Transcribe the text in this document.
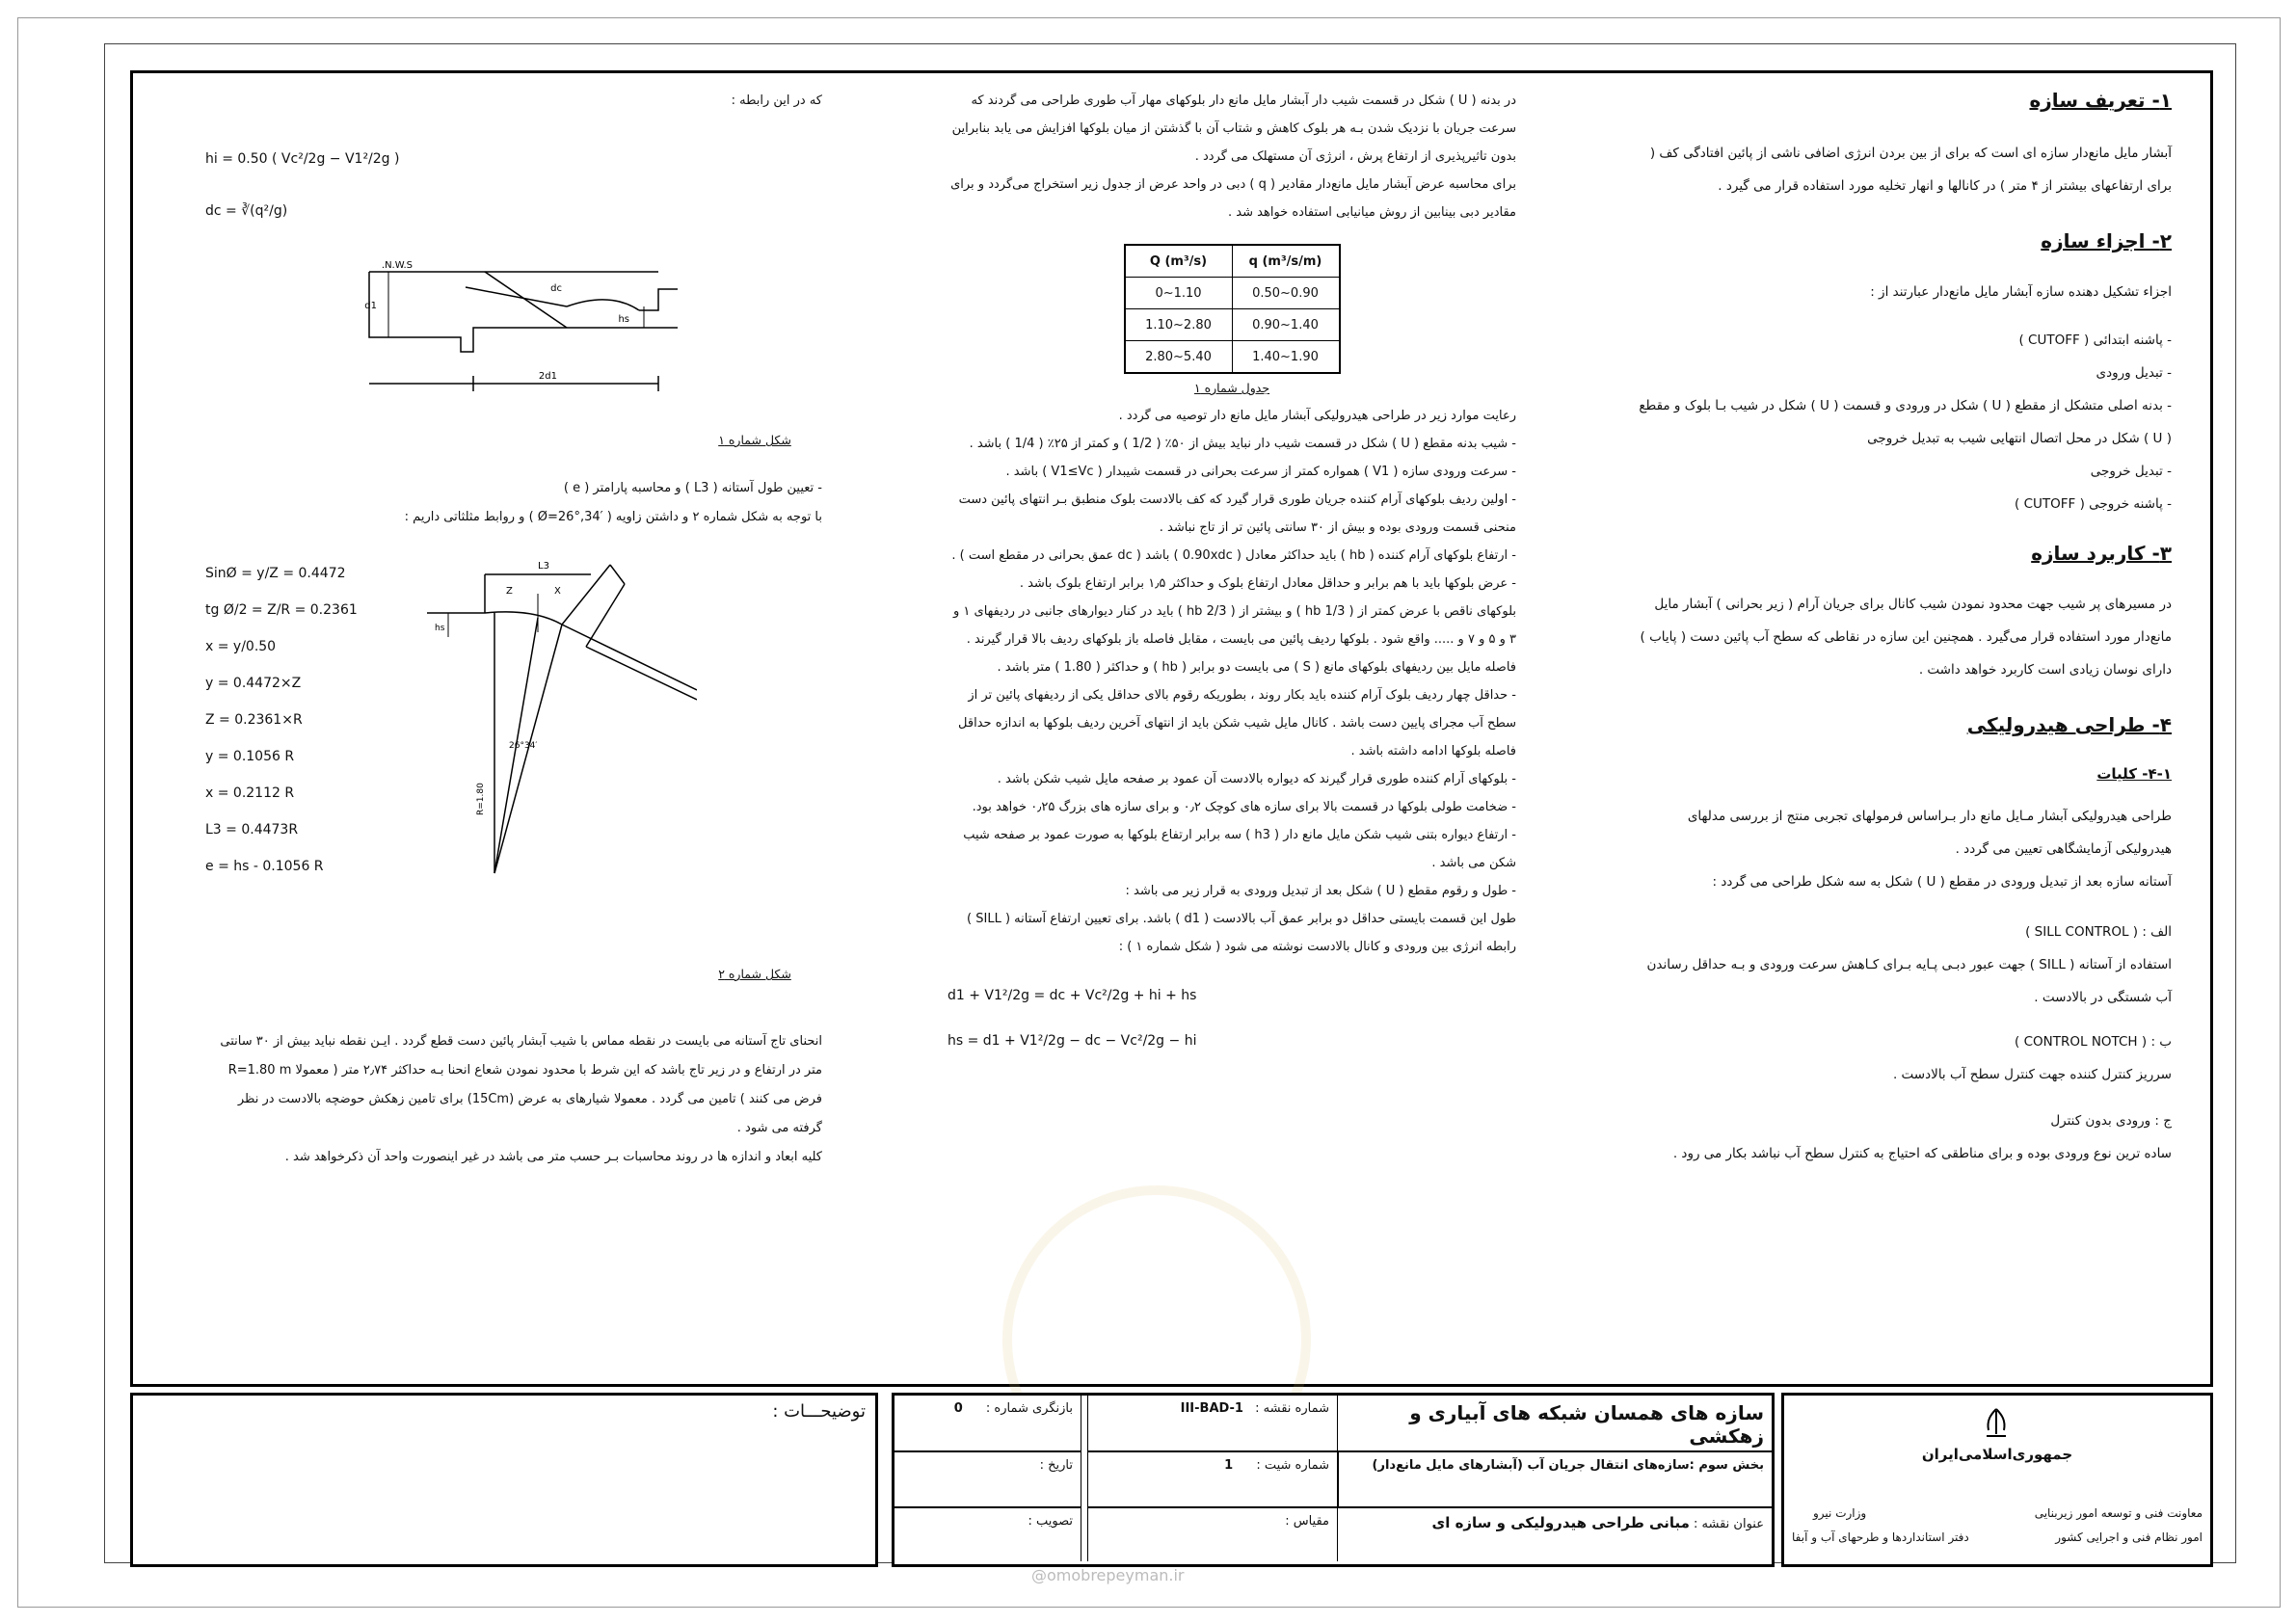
۱- تعریف سازه

آبشار مایل مانع‌دار سازه ای است که برای از بین بردن انرژی اضافی ناشی از پائین افتادگی کف ( برای ارتفاعهای بیشتر از ۴ متر ) در کانالها و انهار تخلیه مورد استفاده قرار می گیرد .

۲- اجزاء سازه

اجزاء تشکیل دهنده سازه آبشار مایل مانع‌دار عبارتند از :

- پاشنه ابتدائی ( CUTOFF )

- تبدیل ورودی

- بدنه اصلی متشکل از مقطع ( U ) شکل در ورودی و قسمت ( U ) شکل در شیب بـا بلوک و مقطع ( U ) شکل در محل اتصال انتهایی شیب به تبدیل خروجی

- تبدیل خروجی

- پاشنه خروجی ( CUTOFF )

۳- کاربرد سازه

در مسیرهای پر شیب جهت محدود نمودن شیب کانال برای جریان آرام ( زیر بحرانی ) آبشار مایل مانع‌دار مورد استفاده قرار می‌گیرد . همچنین این سازه در نقاطی که سطح آب پائین دست ( پایاب ) دارای نوسان زیادی است کاربرد خواهد داشت .

۴- طراحی هیدرولیکی

۴-۱- کلیات

طراحی هیدرولیکی آبشار مـایل مانع دار بـراساس فرمولهای تجربی منتج از بررسی مدلهای هیدرولیکی آزمایشگاهی تعیین می گردد .

آستانه سازه بعد از تبدیل ورودی در مقطع ( U ) شکل به سه شکل طراحی می گردد :

الف : ( SILL CONTROL )

استفاده از آستانه ( SILL ) جهت عبور دبـی پـایه بـرای کـاهش سرعت ورودی و بـه حداقل رساندن آب شستگی در بالادست .

ب : ( CONTROL NOTCH )

سرریز کنترل کننده جهت کنترل سطح آب بالادست .

ج : ورودی بدون کنترل

ساده ترین نوع ورودی بوده و برای مناطقی که احتیاج به کنترل سطح آب نباشد بکار می رود .

در بدنه ( U ) شکل در قسمت شیب دار آبشار مایل مانع دار بلوکهای مهار آب طوری طراحی می گردند که سرعت جریان با نزدیک شدن بـه هر بلوک کاهش و شتاب آن با گذشتن از میان بلوکها افزایش می یابد بنابراین بدون تاثیرپذیری از ارتفاع پرش ، انرژی آن مستهلک می گردد .

برای محاسبه عرض آبشار مایل مانع‌دار مقادیر ( q ) دبی در واحد عرض از جدول زیر استخراج می‌گردد و برای مقادیر دبی بینابین از روش میانیابی استفاده خواهد شد .

Q (m³/s)	q (m³/s/m)
0~1.10	0.50~0.90
1.10~2.80	0.90~1.40
2.80~5.40	1.40~1.90

جدول شماره ۱

رعایت موارد زیر در طراحی هیدرولیکی آبشار مایل مانع دار توصیه می گردد .

- شیب بدنه مقطع ( U ) شکل در قسمت شیب دار نباید بیش از ۵۰٪ ( 1/2 ) و کمتر از ۲۵٪ ( 1/4 ) باشد .

- سرعت ورودی سازه ( V1 ) همواره کمتر از سرعت بحرانی در قسمت شیبدار ( V1≤Vc ) باشد .

- اولین ردیف بلوکهای آرام کننده جریان طوری قرار گیرد که کف بالادست بلوک منطبق بـر انتهای پائین دست منحنی قسمت ورودی بوده و بیش از ۳۰ سانتی پائین تر از تاج نباشد .

- ارتفاع بلوکهای آرام کننده ( hb ) باید حداکثر معادل ( 0.90xdc ) باشد ( dc عمق بحرانی در مقطع است ) .

- عرض بلوکها باید با هم برابر و حداقل معادل ارتفاع بلوک و حداکثر ۱٫۵ برابر ارتفاع بلوک باشد .

بلوکهای ناقص با عرض کمتر از ( 1/3 hb ) و بیشتر از ( 2/3 hb ) باید در کنار دیوارهای جانبی در ردیفهای ۱ و ۳ و ۵ و ۷ و ..... واقع شود . بلوکها ردیف پائین می بایست ، مقابل فاصله باز بلوکهای ردیف بالا قرار گیرند .

فاصله مایل بین ردیفهای بلوکهای مانع ( S ) می بایست دو برابر ( hb ) و حداکثر ( 1.80 ) متر باشد .

- حداقل چهار ردیف بلوک آرام کننده باید بکار روند ، بطوریکه رقوم بالای حداقل یکی از ردیفهای پائین تر از سطح آب مجرای پایین دست باشد . کانال مایل شیب شکن باید از انتهای آخرین ردیف بلوکها به اندازه حداقل فاصله بلوکها ادامه داشته باشد .

- بلوکهای آرام کننده طوری قرار گیرند که دیواره بالادست آن عمود بر صفحه مایل شیب شکن باشد .

- ضخامت طولی بلوکها در قسمت بالا برای سازه های کوچک ۰٫۲ و برای سازه های بزرگ ۰٫۲۵ خواهد بود.

- ارتفاع دیواره بتنی شیب شکن مایل مانع دار ( h3 ) سه برابر ارتفاع بلوکها به صورت عمود بر صفحه شیب شکن می باشد .

- طول و رقوم مقطع ( U ) شکل بعد از تبدیل ورودی به قرار زیر می باشد :

طول این قسمت بایستی حداقل دو برابر عمق آب بالادست ( d1 ) باشد. برای تعیین ارتفاع آستانه ( SILL ) رابطه انرژی بین ورودی و کانال بالادست نوشته می شود ( شکل شماره ۱ ) :

d1 + V1²/2g = dc + Vc²/2g + hi + hs

hs = d1 + V1²/2g − dc − Vc²/2g − hi

که در این رابطه :

hi = 0.50 ( Vc²/2g − V1²/2g )

dc = ∛(q²/g)

N.W.S.
d1
hs
dc
2d1

شکل شماره ۱

- تعیین طول آستانه ( L3 ) و محاسبه پارامتر ( e )

با توجه به شکل شماره ۲ و داشتن زاویه ( Ø=26°,34′ ) و روابط مثلثاتی داریم :

SinØ = y/Z = 0.4472

tg Ø/2 = Z/R = 0.2361

x = y/0.50

y = 0.4472×Z

Z = 0.2361×R

y = 0.1056 R

x = 0.2112 R

L3 = 0.4473R

e = hs - 0.1056 R

L3
Z	X
hs
R=1.80
26°34′

شکل شماره ۲

انحنای تاج آستانه می بایست در نقطه مماس با شیب آبشار پائین دست قطع گردد . ایـن نقطه نباید بیش از ۳۰ سانتی متر در ارتفاع و در زیر تاج باشد که این شرط با محدود نمودن شعاع انحنا بـه حداکثر ۲٫۷۴ متر ( معمولا R=1.80 m فرض می کنند ) تامین می گردد . معمولا شیارهای به عرض (15Cm) برای تامین زهکش حوضچه بالادست در نظر گرفته می شود .

کلیه ابعاد و اندازه ها در روند محاسبات بـر حسب متر می باشد در غیر اینصورت واحد آن ذکرخواهد شد .

توضیحـــات :	سازه های همسان شبکه های آبیاری و زهکشی
شماره نقشه : III-BAD-1
بازنگری شماره : 0
بخش سوم :سازه‌های انتقال جریان آب (آبشارهای مایل مانع‌دار)
شماره شیت : 1
تاریخ :
عنوان نقشه : مبانی طراحی هیدرولیکی و سازه ای
مقیاس :
تصویب :
جمهوری‌اسلامی‌ایران
معاونت فنی و توسعه امور زیربنایی
امور نظام فنی و اجرایی کشور
وزارت نیرو
دفتر استانداردها و طرحهای آب و آبفا
@omobrepeyman.ir
